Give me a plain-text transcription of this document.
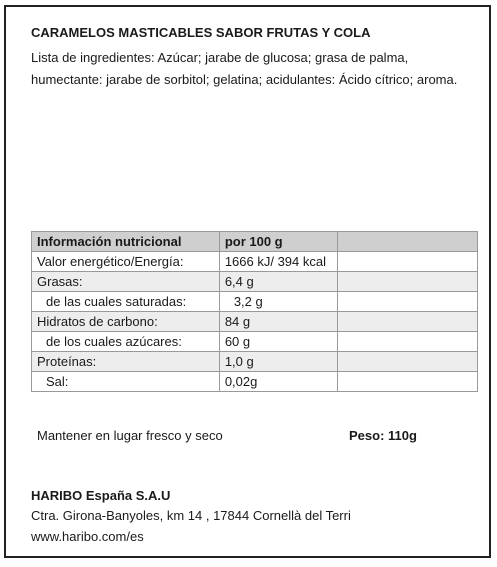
CARAMELOS MASTICABLES SABOR FRUTAS Y COLA
Lista de ingredientes: Azúcar; jarabe de glucosa; grasa de palma, humectante: jarabe de sorbitol; gelatina; acidulantes: Ácido cítrico; aroma.
Información nutricional	por 100 g	
Valor energético/Energía:	1666 kJ/ 394 kcal	
Grasas:	6,4 g	
de las cuales saturadas:	3,2 g	
Hidratos de carbono:	84 g	
de los cuales azúcares:	60 g	
Proteínas:	1,0 g	
Sal:	0,02g	
Mantener en lugar fresco y seco	Peso: 110g
HARIBO España S.A.U
Ctra. Girona-Banyoles, km 14 , 17844 Cornellà del Terri
www.haribo.com/es
